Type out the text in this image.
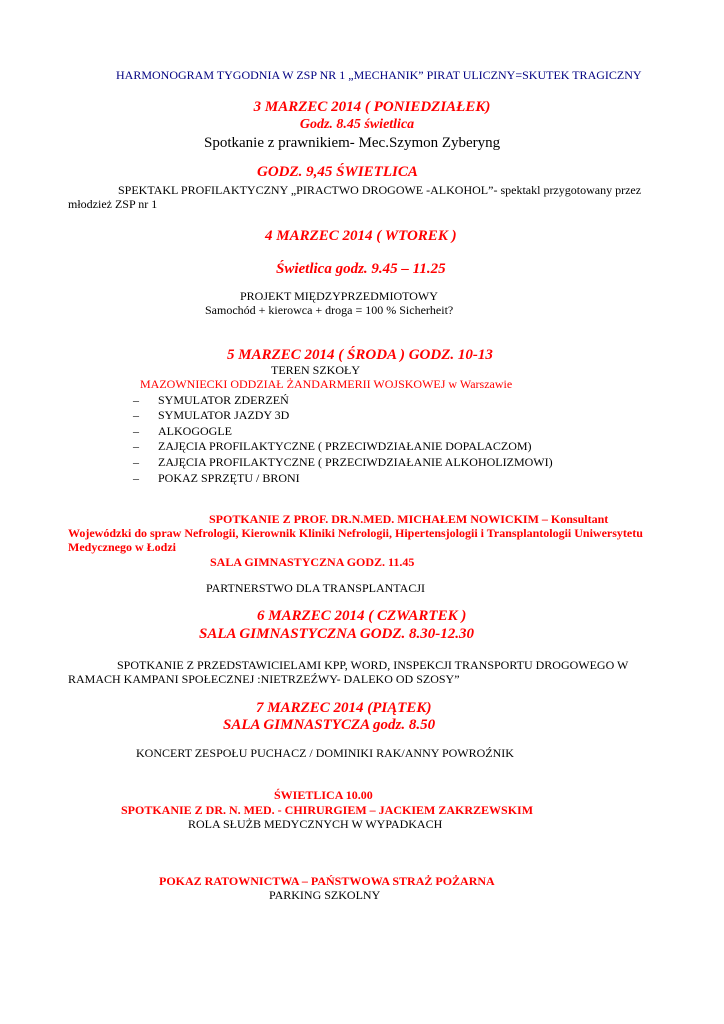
HARMONOGRAM TYGODNIA W ZSP NR 1 „MECHANIK” PIRAT ULICZNY=SKUTEK TRAGICZNY
3 MARZEC 2014 ( PONIEDZIAŁEK)
Godz. 8.45 świetlica
Spotkanie z prawnikiem- Mec.Szymon Zyberyng
GODZ. 9,45 ŚWIETLICA
SPEKTAKL PROFILAKTYCZNY „PIRACTWO DROGOWE -ALKOHOL”- spektakl przygotowany przez
młodzież ZSP nr 1
4 MARZEC 2014 ( WTOREK )
Świetlica godz. 9.45 – 11.25
PROJEKT MIĘDZYPRZEDMIOTOWY
Samochód + kierowca + droga = 100 % Sicherheit?
5 MARZEC 2014 ( ŚRODA ) GODZ. 10-13
TEREN SZKOŁY
MAZOWNIECKI ODDZIAŁ ŻANDARMERII WOJSKOWEJ w Warszawie
– SYMULATOR ZDERZEŃ
– SYMULATOR JAZDY 3D
– ALKOGOGLE
– ZAJĘCIA PROFILAKTYCZNE ( PRZECIWDZIAŁANIE DOPALACZOM)
– ZAJĘCIA PROFILAKTYCZNE ( PRZECIWDZIAŁANIE ALKOHOLIZMOWI)
– POKAZ SPRZĘTU / BRONI
SPOTKANIE Z PROF. DR.N.MED. MICHAŁEM NOWICKIM – Konsultant
Wojewódzki do spraw Nefrologii, Kierownik Kliniki Nefrologii, Hipertensjologii i Transplantologii Uniwersytetu
Medycznego w Łodzi
SALA GIMNASTYCZNA GODZ. 11.45
PARTNERSTWO DLA TRANSPLANTACJI
6 MARZEC 2014 ( CZWARTEK )
SALA GIMNASTYCZNA GODZ. 8.30-12.30
SPOTKANIE Z PRZEDSTAWICIELAMI KPP, WORD, INSPEKCJI TRANSPORTU DROGOWEGO W
RAMACH KAMPANI SPOŁECZNEJ :NIETRZEŹWY- DALEKO OD SZOSY”
7 MARZEC 2014 (PIĄTEK)
SALA GIMNASTYCZA godz. 8.50
KONCERT ZESPOŁU PUCHACZ / DOMINIKI RAK/ANNY POWROŹNIK
ŚWIETLICA 10.00
SPOTKANIE Z DR. N. MED. - CHIRURGIEM – JACKIEM ZAKRZEWSKIM
ROLA SŁUŻB MEDYCZNYCH W WYPADKACH
POKAZ RATOWNICTWA – PAŃSTWOWA STRAŻ POŻARNA
PARKING SZKOLNY
